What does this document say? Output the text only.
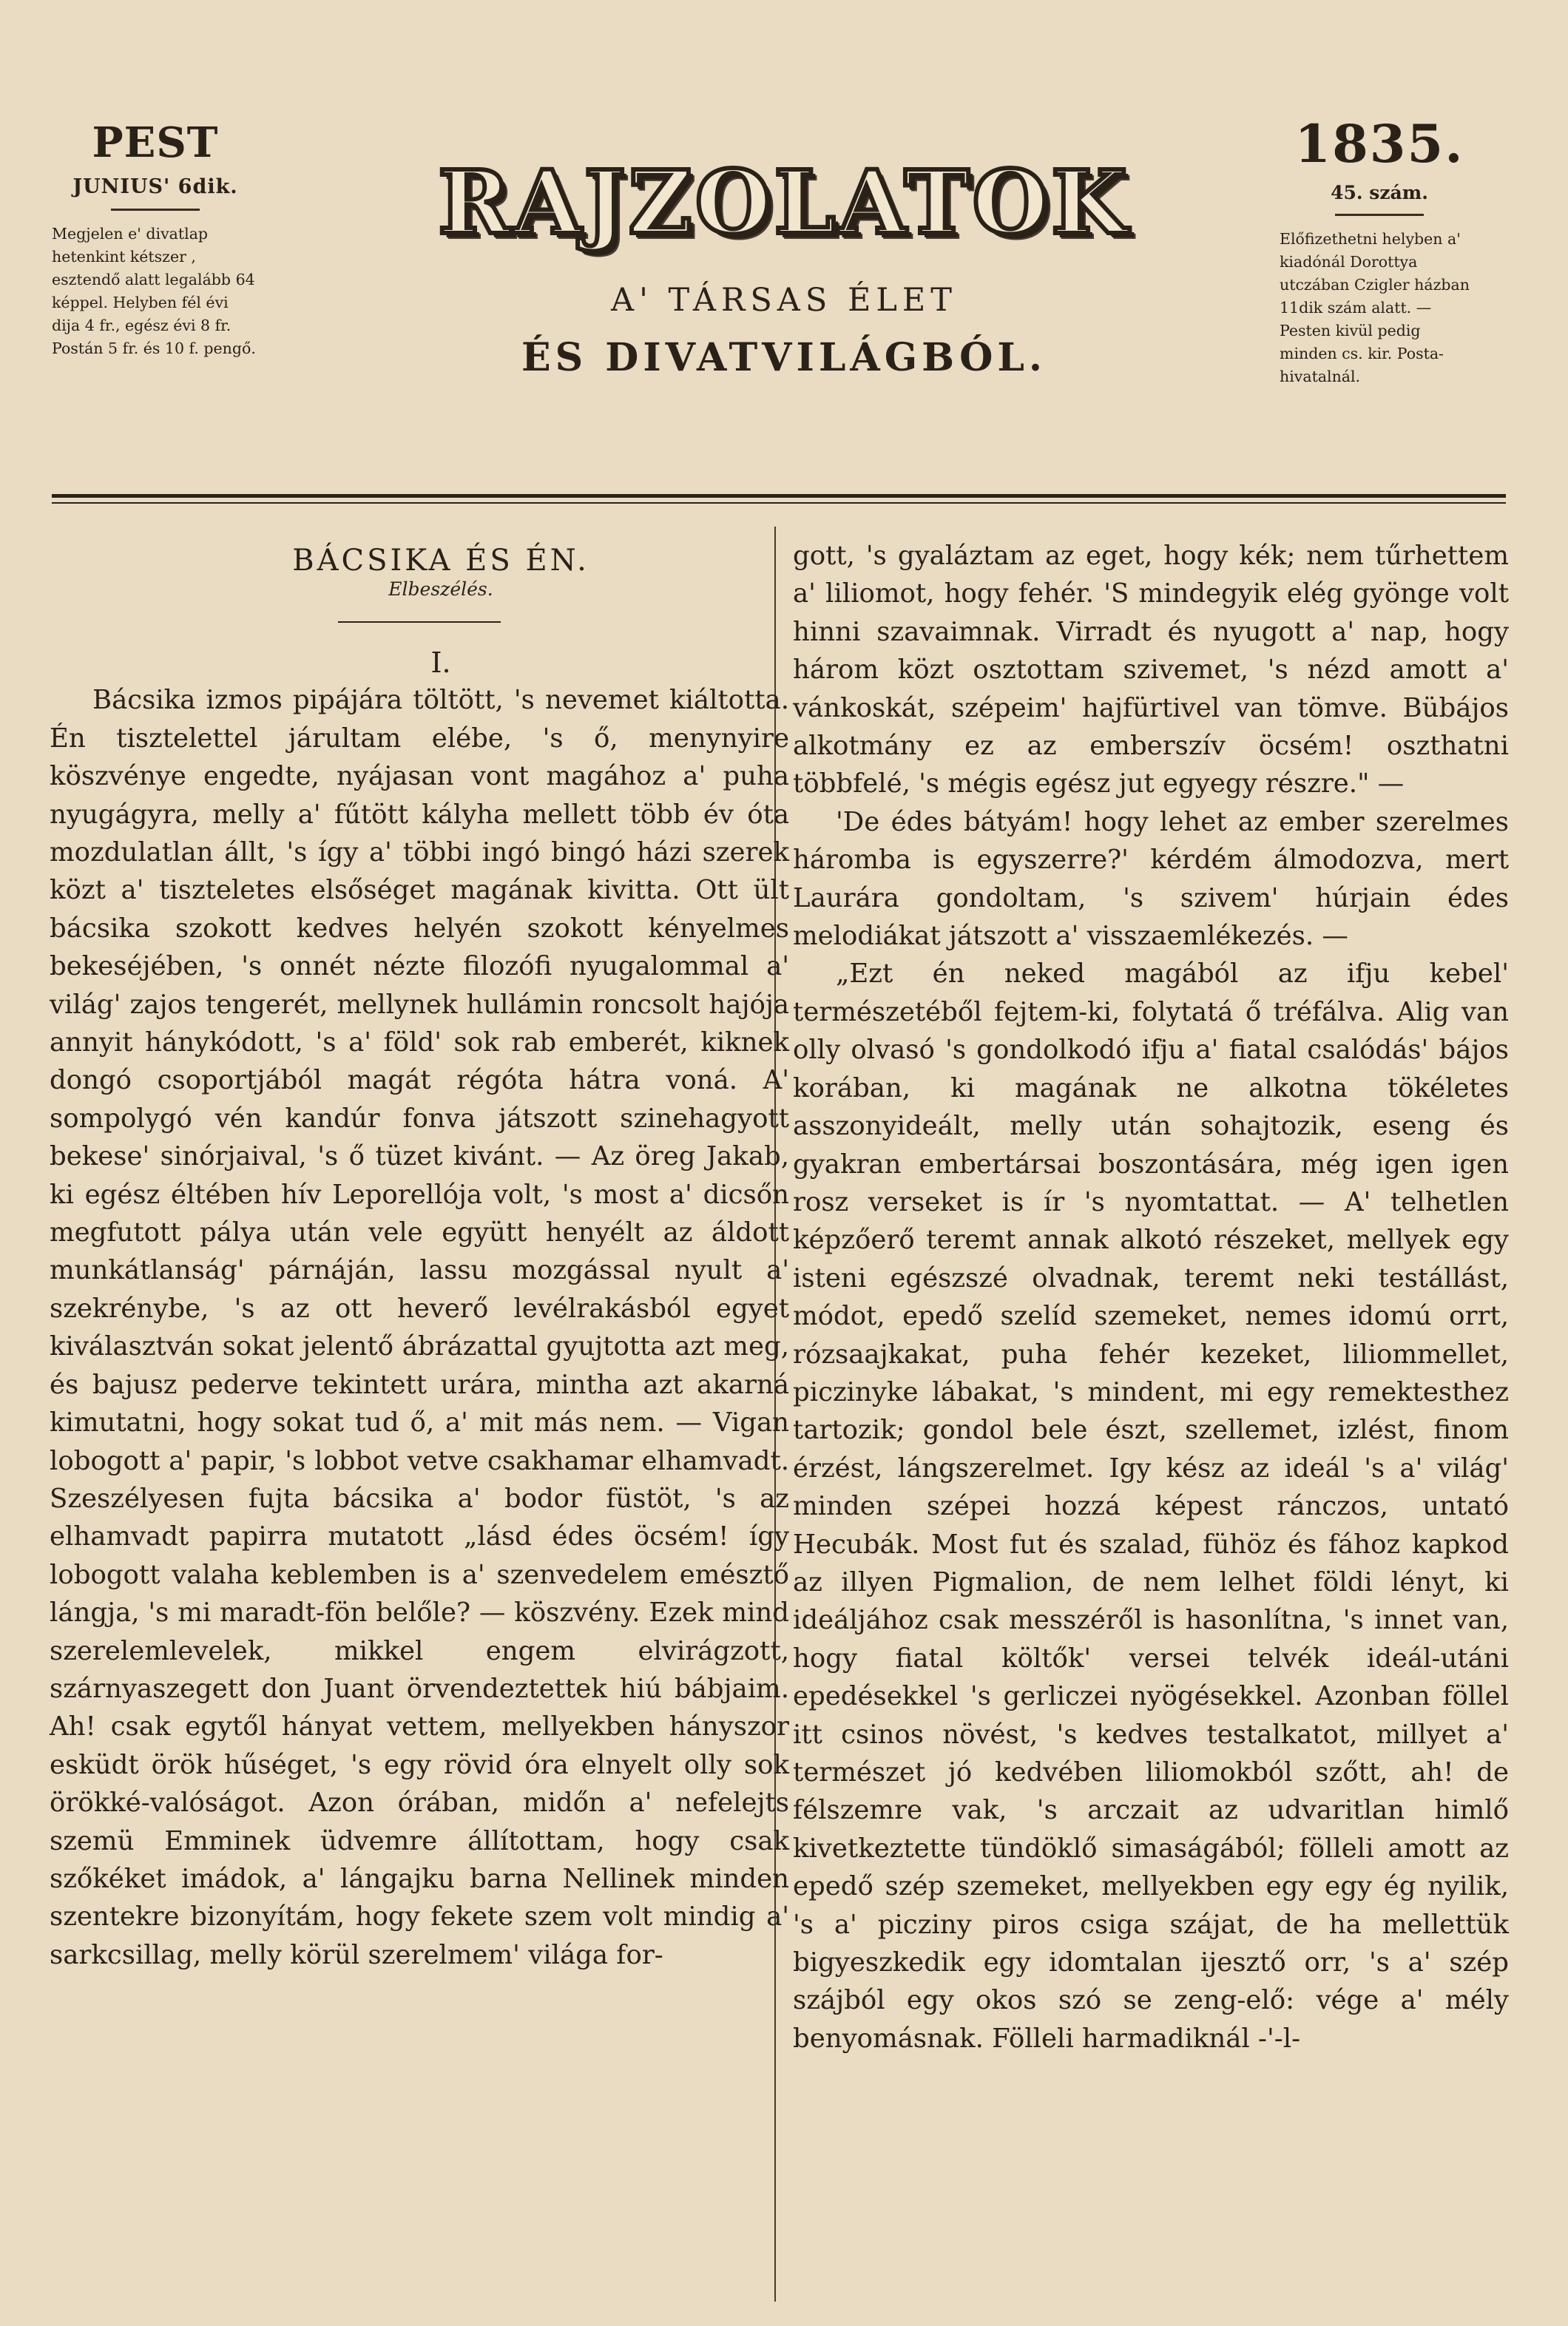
PEST
JUNIUS' 6dik.
Megjelen e' divatlap hetenkint kétszer , esztendő alatt legalább 64 képpel. Helyben fél évi dija 4 fr., egész évi 8 fr. Postán 5 fr. és 10 f. pengő.
RAJZOLATOK
A' TÁRSAS ÉLET
ÉS DIVATVILÁGBÓL.
1835.
45. szám.
Előfizethetni helyben a' kiadónál Dorottya utczában Czigler házban 11dik szám alatt. — Pesten kivül pedig minden cs. kir. Posta-hivatalnál.

BÁCSIKA ÉS ÉN.

Elbeszélés.

I.

Bácsika izmos pipájára töltött, 's nevemet kiáltotta. Én tisztelettel járultam elébe, 's ő, menynyire köszvénye engedte, nyájasan vont magához a' puha nyugágyra, melly a' fűtött kályha mellett több év óta mozdulatlan állt, 's így a' többi ingó bingó házi szerek közt a' tiszteletes elsőséget magának kivitta. Ott ült bácsika szokott kedves helyén szokott kényelmes bekeséjében, 's onnét nézte filozófi nyugalommal a' világ' zajos tengerét, mellynek hullámin roncsolt hajója annyit hánykódott, 's a' föld' sok rab emberét, kiknek dongó csoportjából magát régóta hátra voná. A' sompolygó vén kandúr fonva játszott szinehagyott bekese' sinórjaival, 's ő tüzet kivánt. — Az öreg Jakab, ki egész éltében hív Leporellója volt, 's most a' dicsőn megfutott pálya után vele együtt henyélt az áldott munkátlanság' párnáján, lassu mozgással nyult a' szekrénybe, 's az ott heverő levélrakásból egyet kiválasztván sokat jelentő ábrázattal gyujtotta azt meg, és bajusz pederve tekintett urára, mintha azt akarná kimutatni, hogy sokat tud ő, a' mit más nem. — Vigan lobogott a' papir, 's lobbot vetve csakhamar elhamvadt. Szeszélyesen fujta bácsika a' bodor füstöt, 's az elhamvadt papirra mutatott „lásd édes öcsém! így lobogott valaha keblemben is a' szenvedelem emésztő lángja, 's mi maradt-fön belőle? — köszvény. Ezek mind szerelemlevelek, mikkel engem elvirágzott, szárnyaszegett don Juant örvendeztettek hiú bábjaim. Ah! csak egytől hányat vettem, mellyekben hányszor esküdt örök hűséget, 's egy rövid óra elnyelt olly sok örökké-valóságot. Azon órában, midőn a' nefelejts szemü Emminek üdvemre állítottam, hogy csak szőkéket imádok, a' lángajku barna Nellinek minden szentekre bizonyítám, hogy fekete szem volt mindig a' sarkcsillag, melly körül szerelmem' világa for-

gott, 's gyaláztam az eget, hogy kék; nem tűrhettem a' liliomot, hogy fehér. 'S mindegyik elég gyönge volt hinni szavaimnak. Virradt és nyugott a' nap, hogy három közt osztottam szivemet, 's nézd amott a' vánkoskát, szépeim' hajfürtivel van tömve. Bübájos alkotmány ez az emberszív öcsém! oszthatni többfelé, 's mégis egész jut egyegy részre." —

'De édes bátyám! hogy lehet az ember szerelmes háromba is egyszerre?' kérdém álmodozva, mert Laurára gondoltam, 's szivem' húrjain édes melodiákat játszott a' visszaemlékezés. —

„Ezt én neked magából az ifju kebel' természetéből fejtem-ki, folytatá ő tréfálva. Alig van olly olvasó 's gondolkodó ifju a' fiatal csalódás' bájos korában, ki magának ne alkotna tökéletes asszonyideált, melly után sohajtozik, eseng és gyakran embertársai boszontására, még igen igen rosz verseket is ír 's nyomtattat. — A' telhetlen képzőerő teremt annak alkotó részeket, mellyek egy isteni egészszé olvadnak, teremt neki testállást, módot, epedő szelíd szemeket, nemes idomú orrt, rózsaajkakat, puha fehér kezeket, liliommellet, piczinyke lábakat, 's mindent, mi egy remektesthez tartozik; gondol bele észt, szellemet, izlést, finom érzést, lángszerelmet. Igy kész az ideál 's a' világ' minden szépei hozzá képest ránczos, untató Hecubák. Most fut és szalad, fühöz és fához kapkod az illyen Pigmalion, de nem lelhet földi lényt, ki ideáljához csak messzéről is hasonlítna, 's innet van, hogy fiatal költők' versei telvék ideál-utáni epedésekkel 's gerliczei nyögésekkel. Azonban föllel itt csinos növést, 's kedves testalkatot, millyet a' természet jó kedvében liliomokból szőtt, ah! de félszemre vak, 's arczait az udvaritlan himlő kivetkeztette tündöklő simaságából; föllelі amott az epedő szép szemeket, mellyekben egy egy ég nyilik, 's a' piczіny piros csiga szájat, de ha mellettük bigyeszkedik egy idomtalan ijesztő orr, 's a' szép szájból egy okos szó se zeng-elő: vége a' mély benyomásnak. Fölleli harmadiknál -'-l-
